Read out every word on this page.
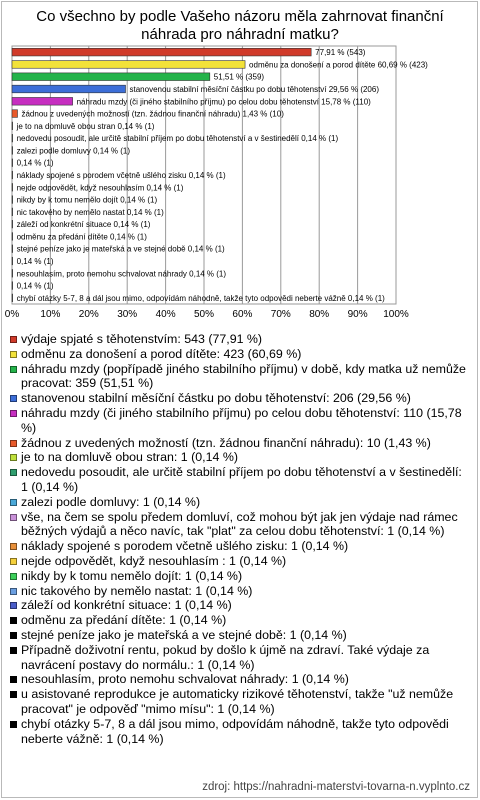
Co všechno by podle Vašeho názoru měla zahrnovat finanční náhrada pro náhradní matku?
0% 10% 20% 30% 40% 50% 60% 70% 80% 90% 100%
77,91 % (543)
odměnu za donošení a porod dítěte 60,69 % (423)
51,51 % (359)
stanovenou stabilní měsíční částku po dobu těhotenství 29,56 % (206)
náhradu mzdy (či jiného stabilního příjmu) po celou dobu těhotenství 15,78 % (110)
žádnou z uvedených možností (tzn. žádnou finanční náhradu) 1,43 % (10)
je to na domluvě obou stran 0,14 % (1)
nedovedu posoudit, ale určitě stabilní příjem po dobu těhotenství a v šestinedělí 0,14 % (1)
zalezi podle domluvy 0,14 % (1)
0,14 % (1)
náklady spojené s porodem včetně ušlého zisku 0,14 % (1)
nejde odpovědět, když nesouhlasím 0,14 % (1)
nikdy by k tomu nemělo dojít 0,14 % (1)
nic takového by nemělo nastat 0,14 % (1)
záleží od konkrétní situace 0,14 % (1)
odměnu za předání dítěte 0,14 % (1)
stejné peníze jako je mateřská a ve stejné době 0,14 % (1)
0,14 % (1)
nesouhlasím, proto nemohu schvalovat náhrady 0,14 % (1)
0,14 % (1)
chybí otázky 5-7, 8 a dál jsou mimo, odpovídám náhodně, takže tyto odpovědi neberte vážně 0,14 % (1)
výdaje spjaté s těhotenstvím: 543 (77,91 %)
odměnu za donošení a porod dítěte: 423 (60,69 %)
náhradu mzdy (popřípadě jiného stabilního příjmu) v době, kdy matka už nemůže pracovat: 359 (51,51 %)
stanovenou stabilní měsíční částku po dobu těhotenství: 206 (29,56 %)
náhradu mzdy (či jiného stabilního příjmu) po celou dobu těhotenství: 110 (15,78 %)
žádnou z uvedených možností (tzn. žádnou finanční náhradu): 10 (1,43 %)
je to na domluvě obou stran: 1 (0,14 %)
nedovedu posoudit, ale určitě stabilní příjem po dobu těhotenství a v šestinedělí: 1 (0,14 %)
zalezi podle domluvy: 1 (0,14 %)
vše, na čem se spolu předem domluví, což mohou být jak jen výdaje nad rámec běžných výdajů a něco navíc, tak "plat" za celou dobu těhotenství: 1 (0,14 %)
náklady spojené s porodem včetně ušlého zisku: 1 (0,14 %)
nejde odpovědět, když nesouhlasím : 1 (0,14 %)
nikdy by k tomu nemělo dojít: 1 (0,14 %)
nic takového by nemělo nastat: 1 (0,14 %)
záleží od konkrétní situace: 1 (0,14 %)
odměnu za předání dítěte: 1 (0,14 %)
stejné peníze jako je mateřská a ve stejné době: 1 (0,14 %)
Případně doživotní rentu, pokud by došlo k újmě na zdraví. Také výdaje za navrácení postavy do normálu.: 1 (0,14 %)
nesouhlasím, proto nemohu schvalovat náhrady: 1 (0,14 %)
u asistované reprodukce je automaticky rizikové těhotenství, takže "už nemůže pracovat" je odpověď "mimo mísu": 1 (0,14 %)
chybí otázky 5-7, 8 a dál jsou mimo, odpovídám náhodně, takže tyto odpovědi neberte vážně: 1 (0,14 %)
zdroj: https://nahradni-materstvi-tovarna-n.vyplnto.cz
